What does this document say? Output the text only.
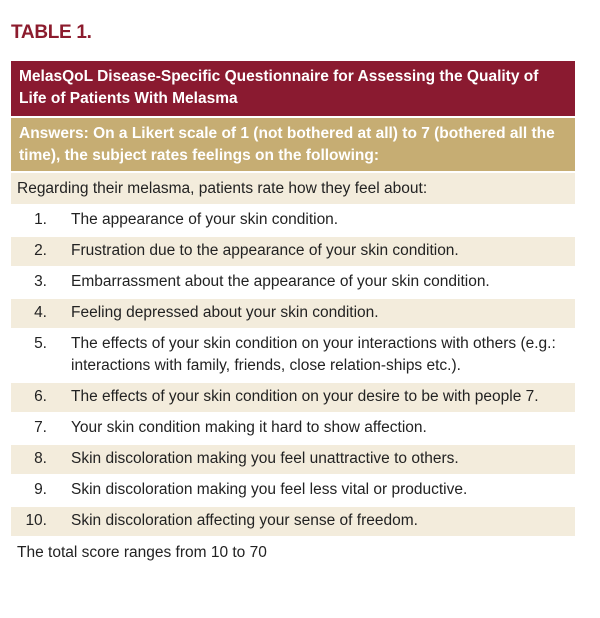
TABLE 1.
MelasQoL Disease-Specific Questionnaire for Assessing the Quality of Life of Patients With Melasma
Answers: On a Likert scale of 1 (not bothered at all) to 7 (bothered all the time), the subject rates feelings on the following:
Regarding their melasma, patients rate how they feel about:
1. The appearance of your skin condition.
2. Frustration due to the appearance of your skin condition.
3. Embarrassment about the appearance of your skin condition.
4. Feeling depressed about your skin condition.
5. The effects of your skin condition on your interactions with others (e.g.: interactions with family, friends, close relation-ships etc.).
6. The effects of your skin condition on your desire to be with people 7.
7. Your skin condition making it hard to show affection.
8. Skin discoloration making you feel unattractive to others.
9. Skin discoloration making you feel less vital or productive.
10. Skin discoloration affecting your sense of freedom.
The total score ranges from 10 to 70
